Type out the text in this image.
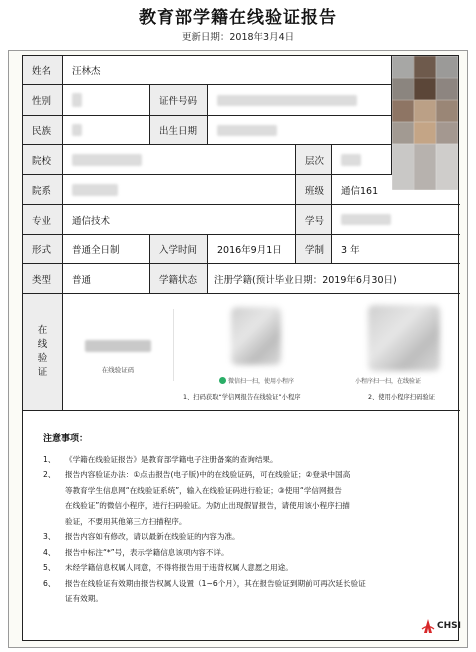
教育部学籍在线验证报告
更新日期：2018年3月4日
姓名	汪林杰
性别	证件号码
民族	出生日期
院校	层次
院系	班级	通信161
专业	通信技术	学号
形式	普通全日制	入学时间	2016年9月1日	学制	3 年
类型	普通	学籍状态	注册学籍(预计毕业日期：2019年6月30日)
在
线
验
证	在线验证码
微信扫一扫，使用小程序	小程序扫一扫，在线验证
1、扫码获取“学信网报告在线验证”小程序	2、使用小程序扫码验证
注意事项：
1、	《学籍在线验证报告》是教育部学籍电子注册备案的查询结果。
2、	报告内容验证办法：①点击报告(电子版)中的在线验证码，可在线验证；②登录中国高
等教育学生信息网“在线验证系统”，输入在线验证码进行验证；③使用“学信网报告
在线验证”的微信小程序，进行扫码验证。为防止出现假冒报告，请使用该小程序扫描
验证，不要用其他第三方扫描程序。
3、	报告内容如有修改，请以最新在线验证的内容为准。
4、	报告中标注“*”号，表示学籍信息该项内容不详。
5、	未经学籍信息权属人同意，不得将报告用于违背权属人意愿之用途。
6、	报告在线验证有效期由报告权属人设置（1~6个月），其在报告验证到期前可再次延长验证
证有效期。
CHSI
